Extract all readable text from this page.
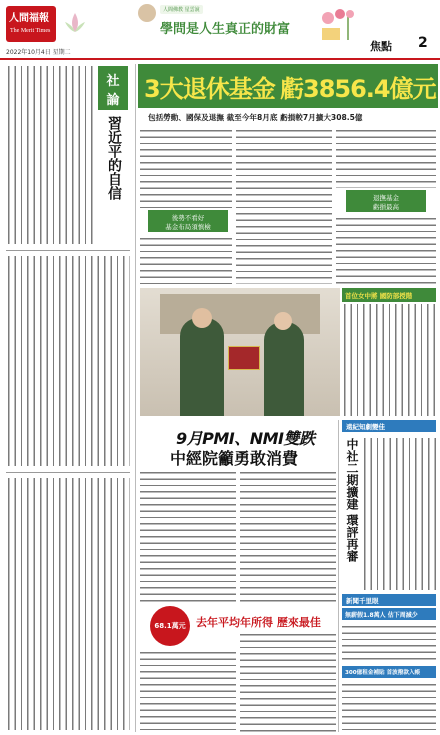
人間福報
The Merit Times
2022年10月4日 星期二
人間佛教 星雲說
學問是人生真正的財富
焦點 2
社
論
習近平的自信
3大退休基金 虧3856.4億元
包括勞動、國保及退撫 截至今年8月底 虧損較7月擴大308.5億
後勢不看好
基金布局須慎檢
退撫基金
虧損最高
首位女中將 國防部授階
9月PMI、NMI雙跌
中經院籲勇敢消費
68.1萬元 去年平均年所得 歷來最佳
遠紀知劇變佳
中社二期擴建 環評再審
新聞千里眼
無薪假1.8萬人 估下周減少
300億租金補貼 首波撥款入帳
